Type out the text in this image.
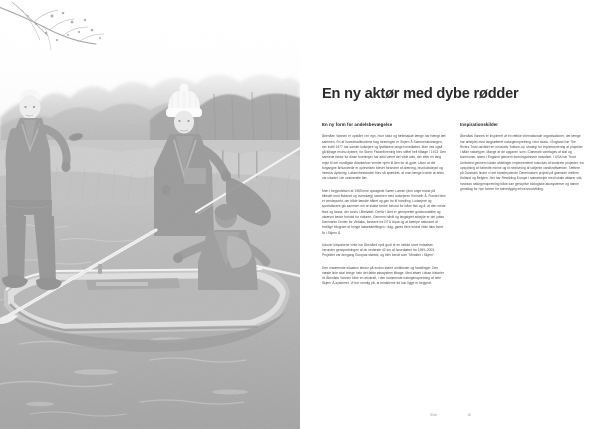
En ny aktør med dybe rødder
En ny form for andelsbevægelse

Åbenåen Vannen er opstået i en egn, hvor natur og fællesskab længe har hængt tæt sammen. En af hovedtraditionerne bag foreningen er Skjern Å Sammenslutningen, der indtil 1977 har samlet lodsejere og lystfiskere langs hovedløbet. Man ved også gå tilbage endnu dybere, for Skern Fiskeriforening blev stiftet helt tilbage i 1913. Den samlede faktor for disse foreninger har altid været det vilde laks, der efter en lang rejse til det nordligste Atlanterhav vender hjem til åen for at gyde. Uden at det forgangne århundrede er oplevelsen blevet forandret af dræning, brunkulsdepot og intensiv dyrkning. Laksenbestanden blev så spæktret, at man længe troede at arten var udødet i de vestvendte åer.

Men i begyndelsen af 1980'erne opdagede Søren Larsen (den unge mand på billedet med fiskenet og overskæg) sammen med lodsejeren Kenneth Å. Fundet blev et vendepunkt, der både tændte håbet og gav tro til handling. Lodsejere og sportsfiskere gik sammen om at skabe bedre forhold for både fisk og å, at den vrede flora og fauna, der tones i åbeløbet. Derfor i året er genoprettet gudecoraldibe og ukrævet bedre forhold for naturen. Gennem hårdt og langsigtet arbejde er det ydtas Danmarks Center for Vildlaks, forskere fra DTU Aqua og at kæmpe naturaret af frivillige kilogram at bringe laksesamtlingen i dag, gøres flere tusind vilde laks hvert år i Skjern Å.

Udover kilopalorne virke har Åbenåed nydt godt af en række store indsatser, herunder genopretningen af de nederste 42 km af hovedløbet fra 1999–2003. Projektet var dengang Europas største, og blev kendt som "Mirakler i Skjern".

Den nuværende situation tekdor på endnu større ambitioner og handlinger. Den næste linie skal bringe hele det tabte økosystem tilbage. Med afsæt i disse historier vil Åbenåds Vannen blive en drivkraft, i den kommende naturgenopretning af hele Skjern Å-systemet. Vi tror nemlig på, at miraklerne tid kun ligge er begyndt.

Inspirationskilder

Åbenåds Vannes er inspireret af en række internationale organisationer, der længe har arbejdet med langsøtteret naturgenopretning i stor skala. I England har The Rivers Trust udviklet en innovativ 'bottom-up' strategi for implementering af projekter i både naturtyper, Mange af de opgaver, som i Danmark varetages af stat og kommuner, løses i England gennem foreningsdrevne indsatser. I USA har Trout Unlimited gennem lokale afdelinger implementeret tusindvis af konkrete projekter, fra opsydning af forbedte minne og til nedrivning af udtjente vandkraftværker. Tættere på Danmark finder vi det banebrydende Oeremossen projekt på grænsen mellem Holland og Belgien. Her har Rewilding Europe i samarbejde med lokale aktører vist, hvordan naturgenopretning både kan genoplive biologiske økosystemer og danne grundlag for nye former for bæredygtig erhvervsudvikling.

Side	18
